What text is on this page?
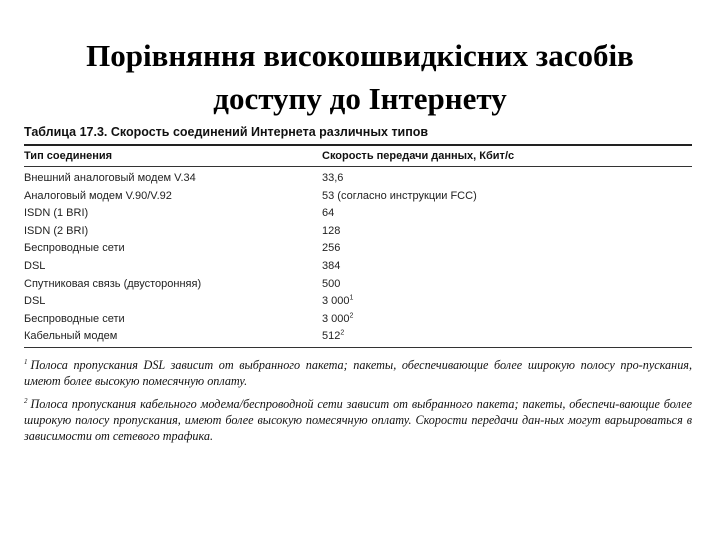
Порівняння високошвидкісних засобів
доступу до Інтернету
Таблица 17.3. Скорость соединений Интернета различных типов
Тип соединения	Скорость передачи данных, Кбит/с
Внешний аналоговый модем V.34	33,6
Аналоговый модем V.90/V.92	53 (согласно инструкции FCC)
ISDN (1 BRI)	64
ISDN (2 BRI)	128
Беспроводные сети	256
DSL	384
Спутниковая связь (двусторонняя)	500
DSL	3 $000^1$
Беспроводные сети	3 $000^2$
Кабельный модем	$512^2$

$^1$ Полоса пропускания DSL зависит от выбранного пакета; пакеты, обеспечивающие более широкую полосу про-пускания, имеют более высокую помесячную оплату.

$^2$ Полоса пропускания кабельного модема/беспроводной сети зависит от выбранного пакета; пакеты, обеспечи-вающие более широкую полосу пропускания, имеют более высокую помесячную оплату. Скорости передачи дан-ных могут варьироваться в зависимости от сетевого трафика.
